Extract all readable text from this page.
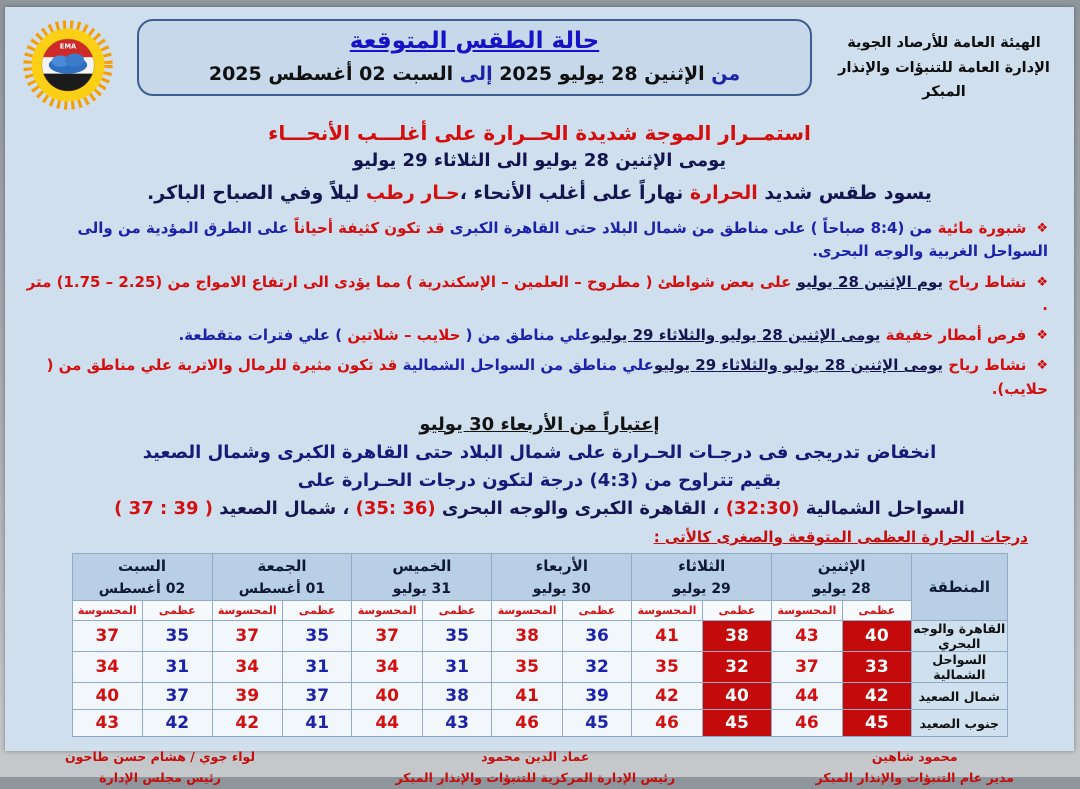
الهيئة العامة للأرصاد الجوية
الإدارة العامة للتنبؤات والإنذار المبكر
حالة الطقس المتوقعة
من الإثنين 28 يوليو 2025 إلى السبت 02 أغسطس 2025
EMA
استمــرار الموجة شديدة الحــرارة على أغلـــب الأنحـــاء
يومى الإثنين 28 يوليو الى الثلاثاء 29 يوليو
يسود طقس شديد الحرارة نهاراً على أغلب الأنحاء ،حـار رطب ليلاً وفي الصباح الباكر.
❖شبورة مائية من (8:4 صباحاً ) على مناطق من شمال البلاد حتى القاهرة الكبرى قد تكون كثيفة أحياناً على الطرق المؤدية من والى السواحل الغربية والوجه البحرى.
❖نشاط رياح يوم الإثنين 28 يوليو على بعض شواطئ ( مطروح – العلمين – الإسكندرية ) مما يؤدى الى ارتفاع الامواج من (1.75 – 2.25) متر .
❖فرص أمطار خفيفة يومى الإثنين 28 يوليو والثلاثاء 29 يوليوعلي مناطق من ( حلايب – شلاتين ) علي فترات متقطعة.
❖نشاط رياح يومى الإثنين 28 يوليو والثلاثاء 29 يوليوعلي مناطق من السواحل الشمالية قد تكون مثيرة للرمال والاتربة علي مناطق من ( حلايب).
إعتباراً من الأربعاء 30 يوليو
انخفاض تدريجى فى درجـات الحـرارة على شمال البلاد حتى القاهرة الكبرى وشمال الصعيد
بقيم تتراوح من (4:3) درجة لتكون درجات الحـرارة على
السواحل الشمالية (32:30) ، القاهرة الكبرى والوجه البحرى (35: 36) ، شمال الصعيد ( 37 : 39 )
درجات الحرارة العظمى المتوقعة والصغرى كالأتى :
المنطقة	
الإثنين
28 يوليو

الثلاثاء
29 يوليو

الأربعاء
30 يوليو

الخميس
31 يوليو

الجمعة
01 أغسطس

السبت
02 أغسطس

	عظمى	المحسوسة	عظمى	المحسوسة	عظمى	المحسوسة	عظمى	المحسوسة	عظمى	المحسوسة	عظمى	المحسوسة
القاهرة والوجه البحري	40	43	38	41	36	38	35	37	35	37	35	37
السواحل الشمالية	33	37	32	35	32	35	31	34	31	34	31	34
شمال الصعيد	42	44	40	42	39	41	38	40	37	39	37	40
جنوب الصعيد	45	46	45	46	45	46	43	44	41	42	42	43
محمود شاهين
مدير عام التنبؤات والإنذار المبكر
عماد الدين محمود
رئيس الإدارة المركزية للتنبؤات والإنذار المبكر
لواء جوي / هشام حسن طاحون
رئيس مجلس الإدارة
